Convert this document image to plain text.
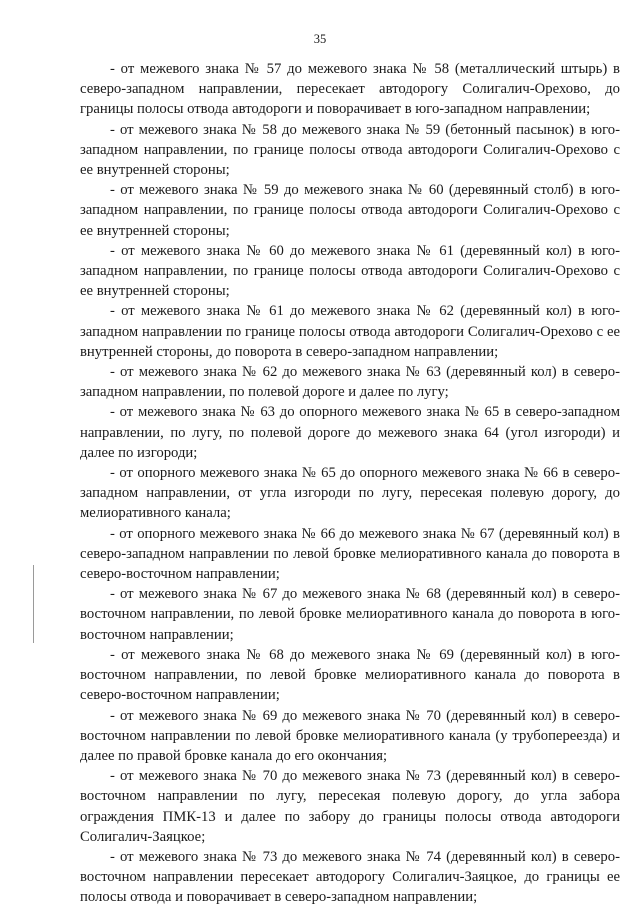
35

- от межевого знака № 57 до межевого знака № 58 (металлический штырь) в северо-западном направлении, пересекает автодорогу Солигалич-Орехово, до границы полосы отвода автодороги и поворачивает в юго-западном направлении;

- от межевого знака № 58 до межевого знака № 59 (бетонный пасынок) в юго-западном направлении, по границе полосы отвода автодороги Солигалич-Орехово с ее внутренней стороны;

- от межевого знака № 59 до межевого знака № 60 (деревянный столб) в юго-западном направлении, по границе полосы отвода автодороги Солигалич-Орехово с ее внутренней стороны;

- от межевого знака № 60 до межевого знака № 61 (деревянный кол) в юго-западном направлении, по границе полосы отвода автодороги Солигалич-Орехово с ее внутренней стороны;

- от межевого знака № 61 до межевого знака № 62 (деревянный кол) в юго-западном направлении по границе полосы отвода автодороги Солигалич-Орехово с ее внутренней стороны, до поворота в северо-западном направлении;

- от межевого знака № 62 до межевого знака № 63 (деревянный кол) в северо-западном направлении, по полевой дороге и далее по лугу;

- от межевого знака № 63 до опорного межевого знака № 65 в северо-западном направлении, по лугу, по полевой дороге до межевого знака 64 (угол изгороди) и далее по изгороди;

- от опорного межевого знака № 65 до опорного межевого знака № 66 в северо-западном направлении, от угла изгороди по лугу, пересекая полевую дорогу, до мелиоративного канала;

- от опорного межевого знака № 66 до межевого знака № 67 (деревянный кол) в северо-западном направлении по левой бровке мелиоративного канала до поворота в северо-восточном направлении;

- от межевого знака № 67 до межевого знака № 68 (деревянный кол) в северо-восточном направлении, по левой бровке мелиоративного канала до поворота в юго-восточном направлении;

- от межевого знака № 68 до межевого знака № 69 (деревянный кол) в юго-восточном направлении, по левой бровке мелиоративного канала до поворота в северо-восточном направлении;

- от межевого знака № 69 до межевого знака № 70 (деревянный кол) в северо-восточном направлении по левой бровке мелиоративного канала (у трубопереезда) и далее по правой бровке канала до его окончания;

- от межевого знака № 70 до межевого знака № 73 (деревянный кол) в северо-восточном направлении по лугу, пересекая полевую дорогу, до угла забора ограждения ПМК-13 и далее по забору до границы полосы отвода автодороги Солигалич-Заяцкое;

- от межевого знака № 73 до межевого знака № 74 (деревянный кол) в северо-восточном направлении пересекает автодорогу Солигалич-Заяцкое, до границы ее полосы отвода и поворачивает в северо-западном направлении;
